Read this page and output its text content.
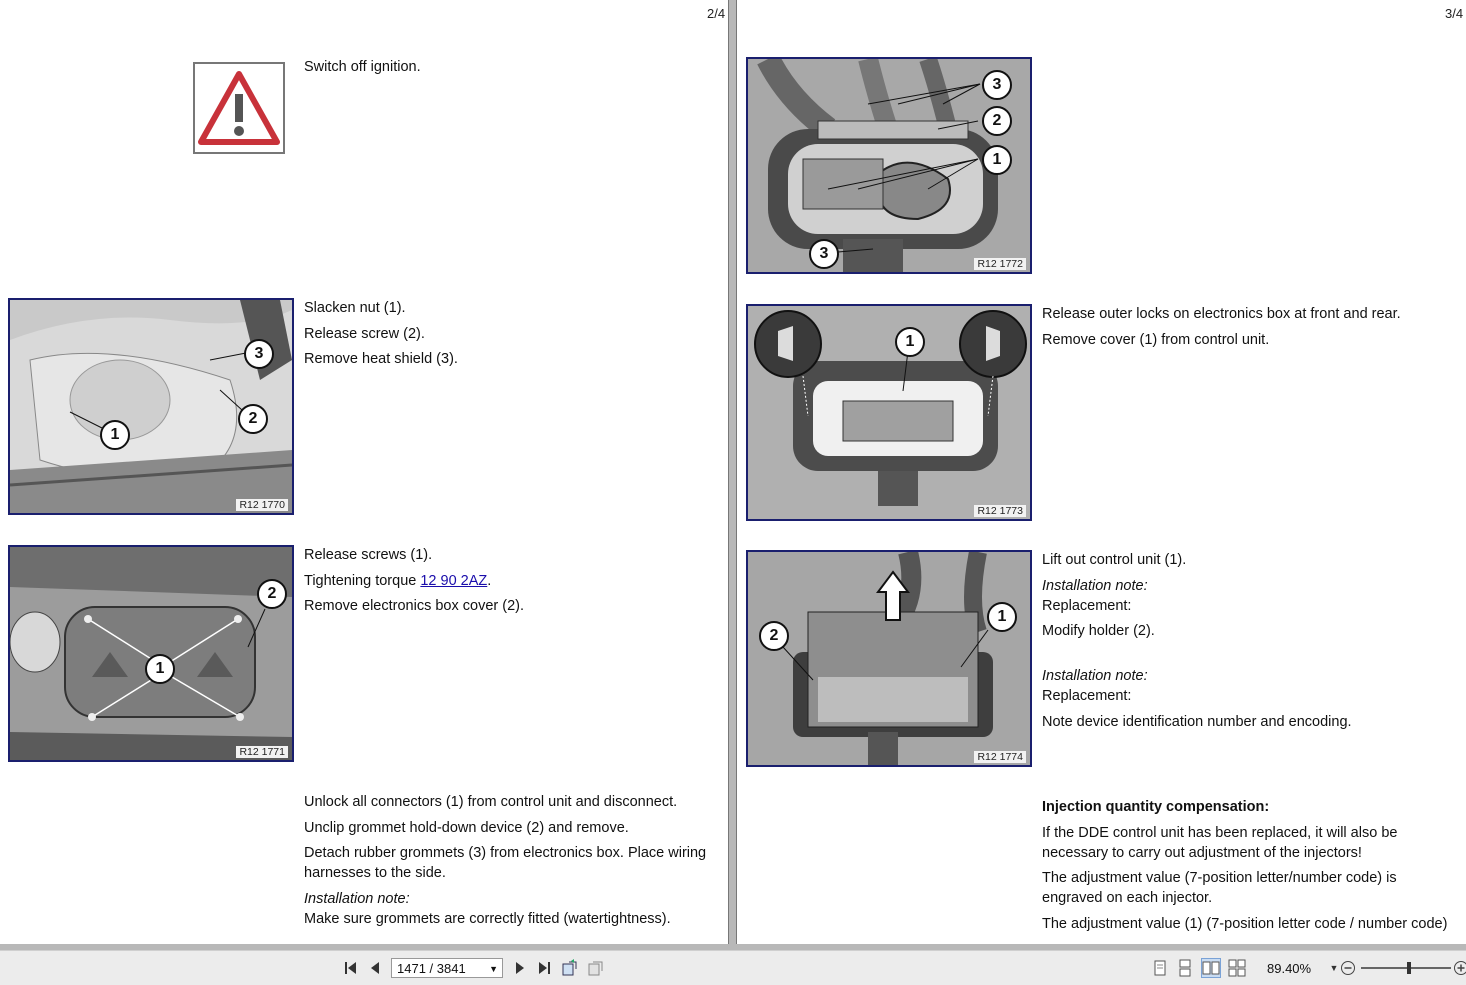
2/4

Switch off ignition.

3
2
1
R12 1770

Slacken nut (1).

Release screw (2).

Remove heat shield (3).

2
1
R12 1771

Release screws (1).

Tightening torque 12 90 2AZ.

Remove electronics box cover (2).

Unlock all connectors (1) from control unit and disconnect.

Unclip grommet hold-down device (2) and remove.

Detach rubber grommets (3) from electronics box. Place wiring harnesses to the side.

Installation note:

Make sure grommets are correctly fitted (watertightness).

3/4
3
2
1
3
R12 1772
1
R12 1773

Release outer locks on electronics box at front and rear.

Remove cover (1) from control unit.

1
2
R12 1774

Lift out control unit (1).

Installation note:

Replacement:

Modify holder (2).

Installation note:

Replacement:

Note device identification number and encoding.

Injection quantity compensation:

If the DDE control unit has been replaced, it will also be necessary to carry out adjustment of the injectors!

The adjustment value (7-position letter/number code) is engraved on each injector.

The adjustment value (1) (7-position letter code / number code)

1471 / 3841	▼	89.40%	▼
